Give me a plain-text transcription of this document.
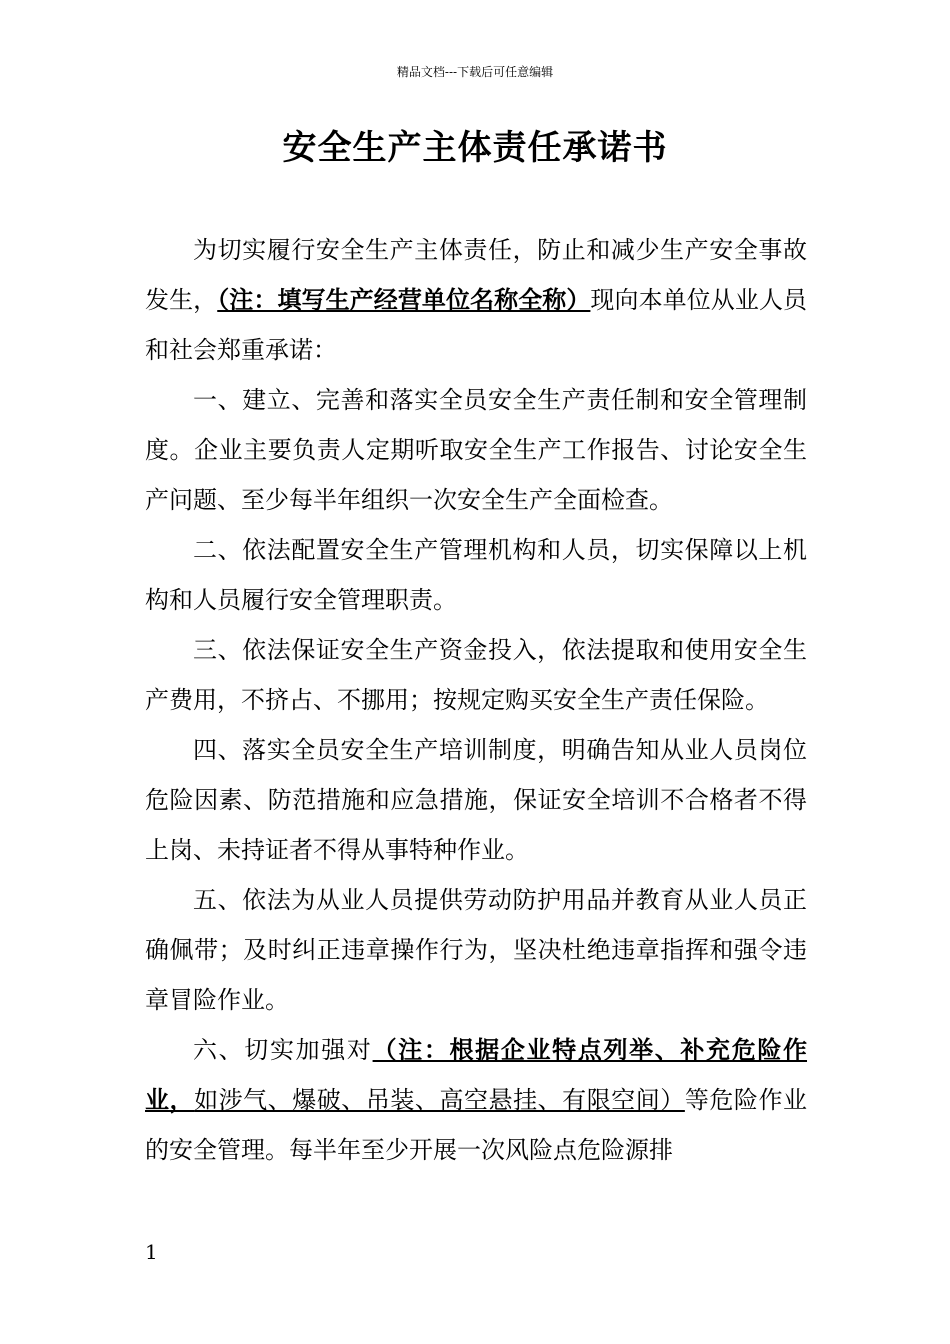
精品文档---下载后可任意编辑
安全生产主体责任承诺书

为切实履行安全生产主体责任，防止和减少生产安全事故发生，（注：填写生产经营单位名称全称）现向本单位从业人员和社会郑重承诺：

一、建立、完善和落实全员安全生产责任制和安全管理制度。企业主要负责人定期听取安全生产工作报告、讨论安全生产问题、至少每半年组织一次安全生产全面检查。

二、依法配置安全生产管理机构和人员，切实保障以上机构和人员履行安全管理职责。

三、依法保证安全生产资金投入，依法提取和使用安全生产费用，不挤占、不挪用；按规定购买安全生产责任保险。

四、落实全员安全生产培训制度，明确告知从业人员岗位危险因素、防范措施和应急措施，保证安全培训不合格者不得上岗、未持证者不得从事特种作业。

五、依法为从业人员提供劳动防护用品并教育从业人员正确佩带；及时纠正违章操作行为，坚决杜绝违章指挥和强令违章冒险作业。

六、切实加强对（注：根据企业特点列举、补充危险作业，如涉气、爆破、吊装、高空悬挂、有限空间）等危险作业的安全管理。每半年至少开展一次风险点危险源排

1
